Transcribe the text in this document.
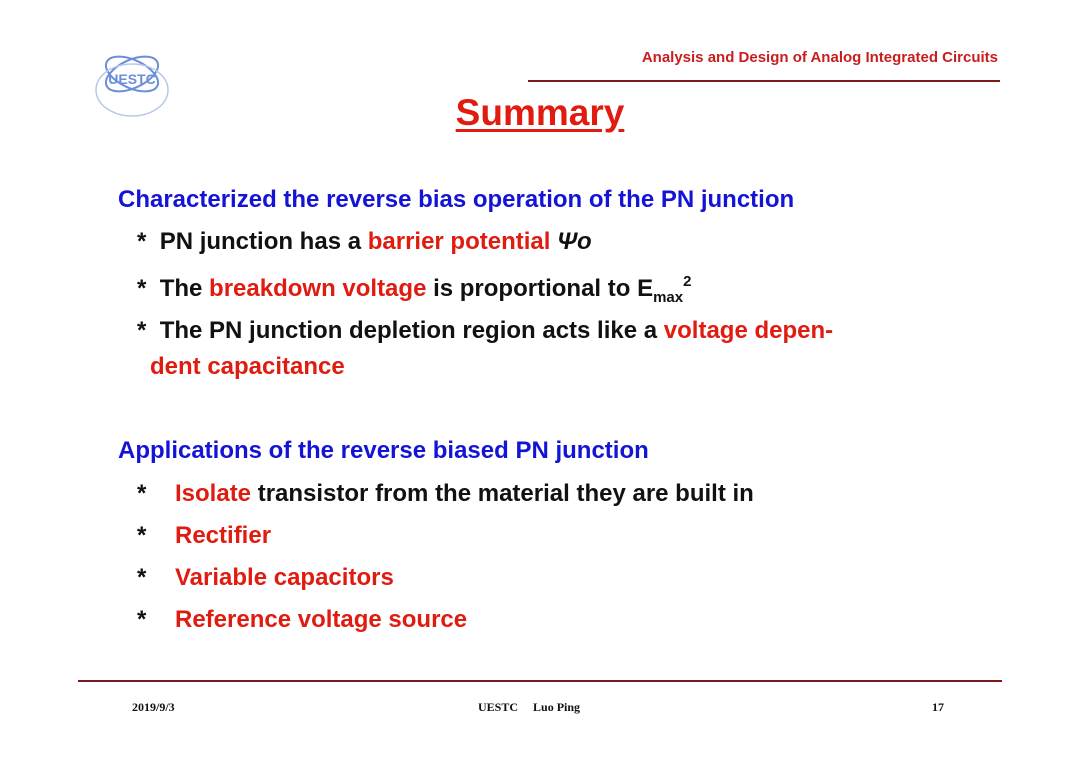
UESTC
Analysis and Design of Analog Integrated Circuits
Summary
Characterized the reverse bias operation of the PN junction
* PN junction has a barrier potential Ψo
* The breakdown voltage is proportional to $E_{max}^2$
* The PN junction depletion region acts like a voltage depen-
dent capacitance
Applications of the reverse biased PN junction
* Isolate transistor from the material they are built in
* Rectifier
* Variable capacitors
* Reference voltage source
2019/9/3	UESTC     Luo Ping	17
